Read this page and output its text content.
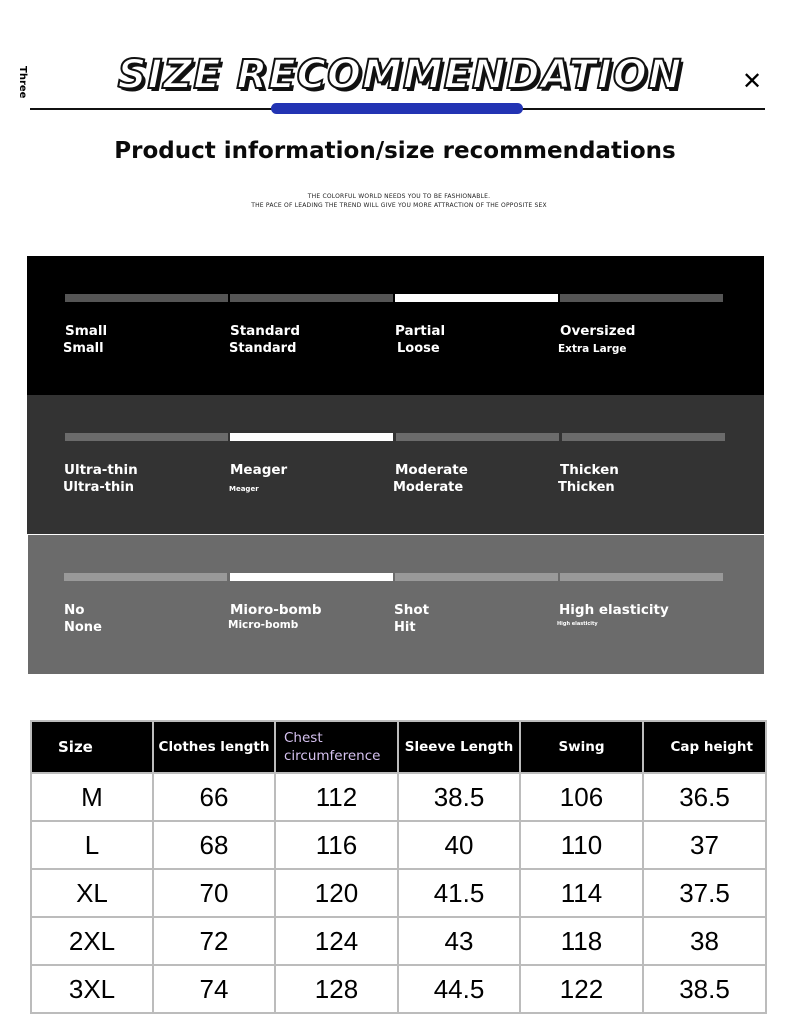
Three SIZE RECOMMENDATION	✕
Product information/size recommendations
THE COLORFUL WORLD NEEDS YOU TO BE FASHIONABLE.
THE PACE OF LEADING THE TREND WILL GIVE YOU MORE ATTRACTION OF THE OPPOSITE SEX
Small
Small
Standard
Standard
Partial
Loose
Oversized
Extra Large
Ultra-thin
Ultra-thin
Meager
Meager
Moderate
Moderate
Thicken
Thicken
No
None
Mioro-bomb
Micro-bomb
Shot
Hit
High elasticity
High elasticity
Size	Clothes length	Chest circumference	Sleeve Length	Swing	Cap height
M	66	112	38.5	106	36.5
L	68	116	40	110	37
XL	70	120	41.5	114	37.5
2XL	72	124	43	118	38
3XL	74	128	44.5	122	38.5
